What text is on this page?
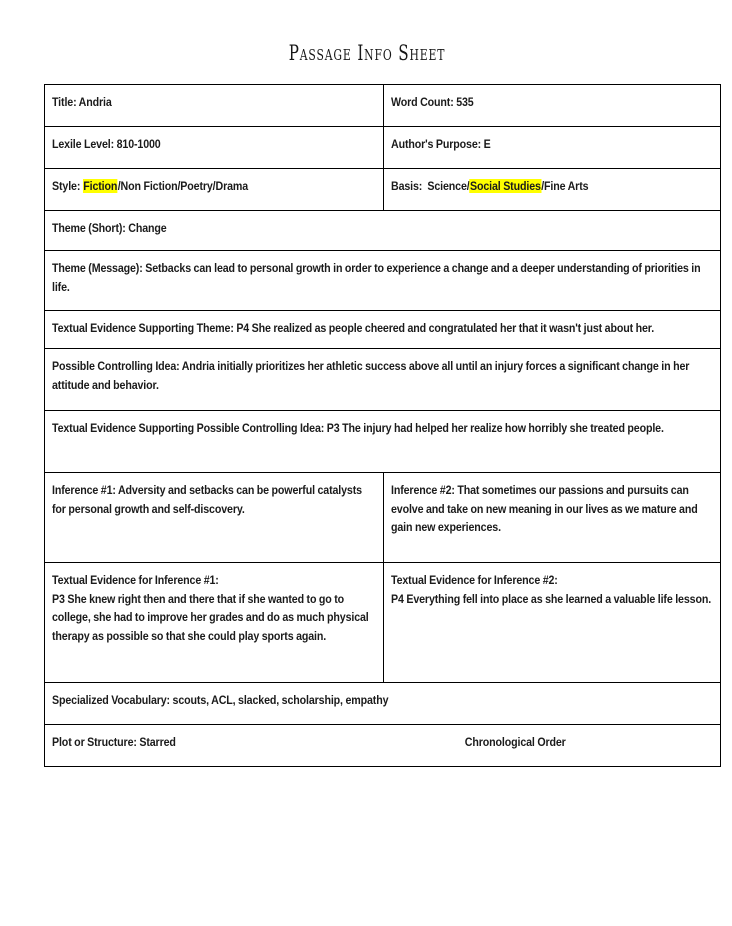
Passage Info Sheet
Title: Andria	Word Count: 535

Lexile Level: 810-1000	Author's Purpose: E

Style: Fiction/Non Fiction/Poetry/Drama	Basis:  Science/Social Studies/Fine Arts

Theme (Short): Change	

Theme (Message): Setbacks can lead to personal growth in order to experience a change and a deeper understanding of priorities in life.	

Textual Evidence Supporting Theme: P4 She realized as people cheered and congratulated her that it wasn't just about her.	

Possible Controlling Idea: Andria initially prioritizes her athletic success above all until an injury forces a significant change in her attitude and behavior.	

Textual Evidence Supporting Possible Controlling Idea: P3 The injury had helped her realize how horribly she treated people.	

Inference #1: Adversity and setbacks can be powerful catalysts for personal growth and self-discovery.	Inference #2: That sometimes our passions and pursuits can evolve and take on new meaning in our lives as we mature and gain new experiences.

Textual Evidence for Inference #1:
P3 She knew right then and there that if she wanted to go to college, she had to improve her grades and do as much physical therapy as possible so that she could play sports again.

Textual Evidence for Inference #2:
P4 Everything fell into place as she learned a valuable life lesson.

Specialized Vocabulary: scouts, ACL, slacked, scholarship, empathy	

Plot or Structure: Starred Chronological Order	
